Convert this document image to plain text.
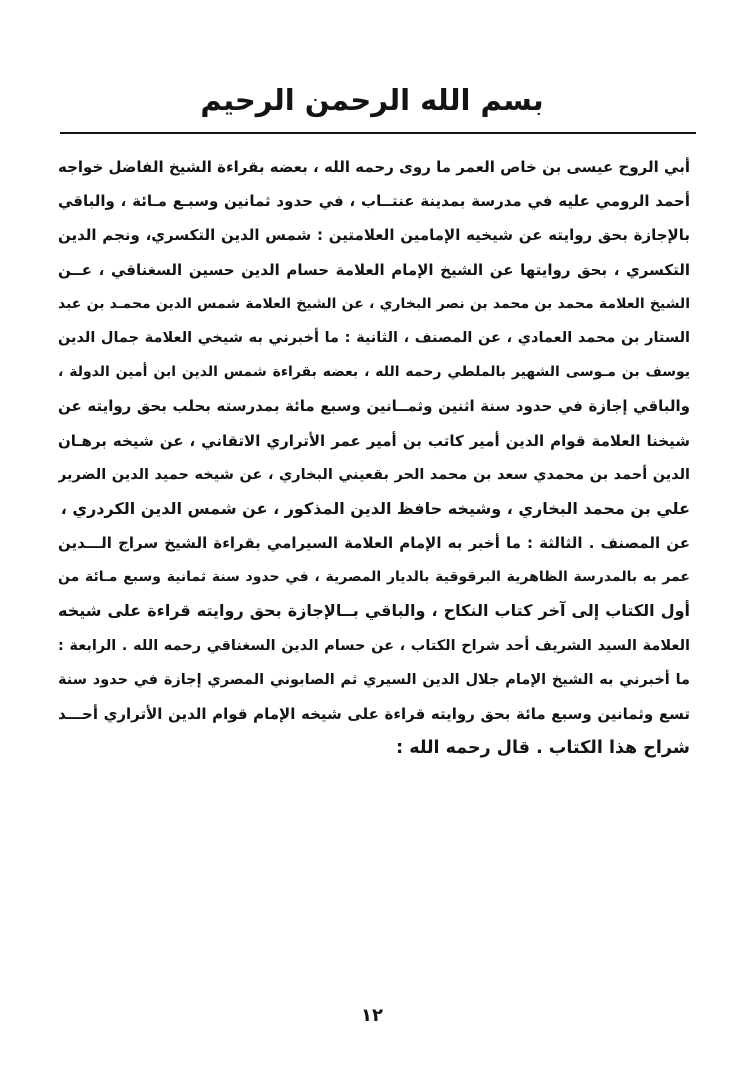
بسم الله الرحمن الرحيم
أبي الروح عيسى بن خاص العمر ما روى رحمه الله ، بعضه بقراءة الشيخ الفاضل خواجه
أحمد الرومي عليه في مدرسة بمدينة عنتــاب ، في حدود ثمانين وسبـع مـائة ، والباقي
بالإجازة بحق روايته عن شيخيه الإمامين العلامتين : شمس الدين التكسري، ونجم الدين
التكسري ، بحق روايتها عن الشيخ الإمام العلامة حسام الدين حسين السغناقي ، عــن
الشيخ العلامة محمد بن محمد بن نصر البخاري ، عن الشيخ العلامة شمس الدين محمـد بن عبد
الستار بن محمد العمادي ، عن المصنف ، الثانية : ما أخبرني به شيخي العلامة جمال الدين
يوسف بن مـوسى الشهير بالملطي رحمه الله ، بعضه بقراءة شمس الدين ابن أمين الدولة ،
والباقي إجازة في حدود سنة اثنين وثمــانين وسبع مائة بمدرسته بحلب بحق روايته عن
شيخنا العلامة قوام الدين أمير كاتب بن أمير عمر الأتراري الاتقاني ، عن شيخه برهـان
الدين أحمد بن محمدي سعد بن محمد الحر بقعيني البخاري ، عن شيخه حميد الدين الضرير
علي بن محمد البخاري ، وشيخه حافظ الدين المذكور ، عن شمس الدين الكردري ،
عن المصنف . الثالثة : ما أخبر به الإمام العلامة السيرامي بقراءة الشيخ سراج الـــدين
عمر به بالمدرسة الظاهرية البرقوقية بالديار المصرية ، في حدود سنة ثمانية وسبع مـائة من
أول الكتاب إلى آخر كتاب النكاح ، والباقي بــالإجازة بحق روايته قراءة على شيخه
العلامة السيد الشريف أحد شراح الكتاب ، عن حسام الدين السغناقي رحمه الله . الرابعة :
ما أخبرني به الشيخ الإمام جلال الدين السيري ثم الصابوني المصري إجازة في حدود سنة
تسع وثمانين وسبع مائة بحق روايته قراءة على شيخه الإمام قوام الدين الأتراري أحـــد
شراح هذا الكتاب . قال رحمه الله :
١٢
